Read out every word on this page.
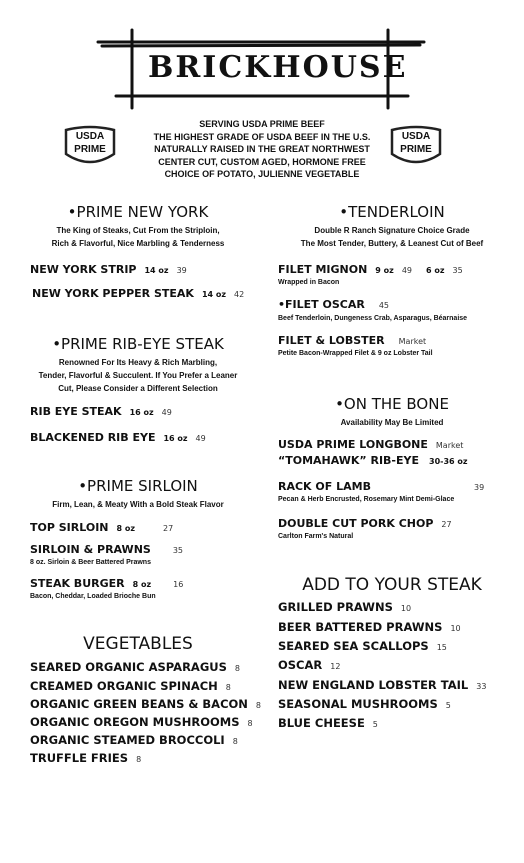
BRICKHOUSE
USDA
PRIME
USDA
PRIME
SERVING USDA PRIME BEEF
THE HIGHEST GRADE OF USDA BEEF IN THE U.S.
NATURALLY RAISED IN THE GREAT NORTHWEST
CENTER CUT, CUSTOM AGED, HORMONE FREE
CHOICE OF POTATO, JULIENNE VEGETABLE
•PRIME NEW YORK
The King of Steaks, Cut From the Striploin,
Rich & Flavorful, Nice Marbling & Tenderness
NEW YORK STRIP 14 oz 39
NEW YORK PEPPER STEAK 14 oz 42
•TENDERLOIN
Double R Ranch Signature Choice Grade
The Most Tender, Buttery, & Leanest Cut of Beef
FILET MIGNON 9 oz 49 6 oz 35
Wrapped in Bacon
•FILET OSCAR 45
Beef Tenderloin, Dungeness Crab, Asparagus, Béarnaise
FILET & LOBSTER Market
Petite Bacon-Wrapped Filet & 9 oz Lobster Tail
•PRIME RIB-EYE STEAK
Renowned For Its Heavy & Rich Marbling,
Tender, Flavorful & Succulent. If You Prefer a Leaner
Cut, Please Consider a Different Selection
RIB EYE STEAK 16 oz 49
BLACKENED RIB EYE 16 oz 49
•ON THE BONE
Availability May Be Limited
USDA PRIME LONGBONE Market
“TOMAHAWK” RIB-EYE 30-36 oz
RACK OF LAMB	39
Pecan & Herb Encrusted, Rosemary Mint Demi-Glace
DOUBLE CUT PORK CHOP 27
Carlton Farm's Natural
•PRIME SIRLOIN
Firm, Lean, & Meaty With a Bold Steak Flavor
TOP SIRLOIN 8 oz	27
SIRLOIN & PRAWNS	35
8 oz. Sirloin & Beer Battered Prawns
STEAK BURGER 8 oz	16
Bacon, Cheddar, Loaded Brioche Bun
VEGETABLES
SEARED ORGANIC ASPARAGUS 8
CREAMED ORGANIC SPINACH 8
ORGANIC GREEN BEANS & BACON 8
ORGANIC OREGON MUSHROOMS 8
ORGANIC STEAMED BROCCOLI 8
TRUFFLE FRIES 8
ADD TO YOUR STEAK
GRILLED PRAWNS 10
BEER BATTERED PRAWNS 10
SEARED SEA SCALLOPS 15
OSCAR 12
NEW ENGLAND LOBSTER TAIL 33
SEASONAL MUSHROOMS 5
BLUE CHEESE 5
